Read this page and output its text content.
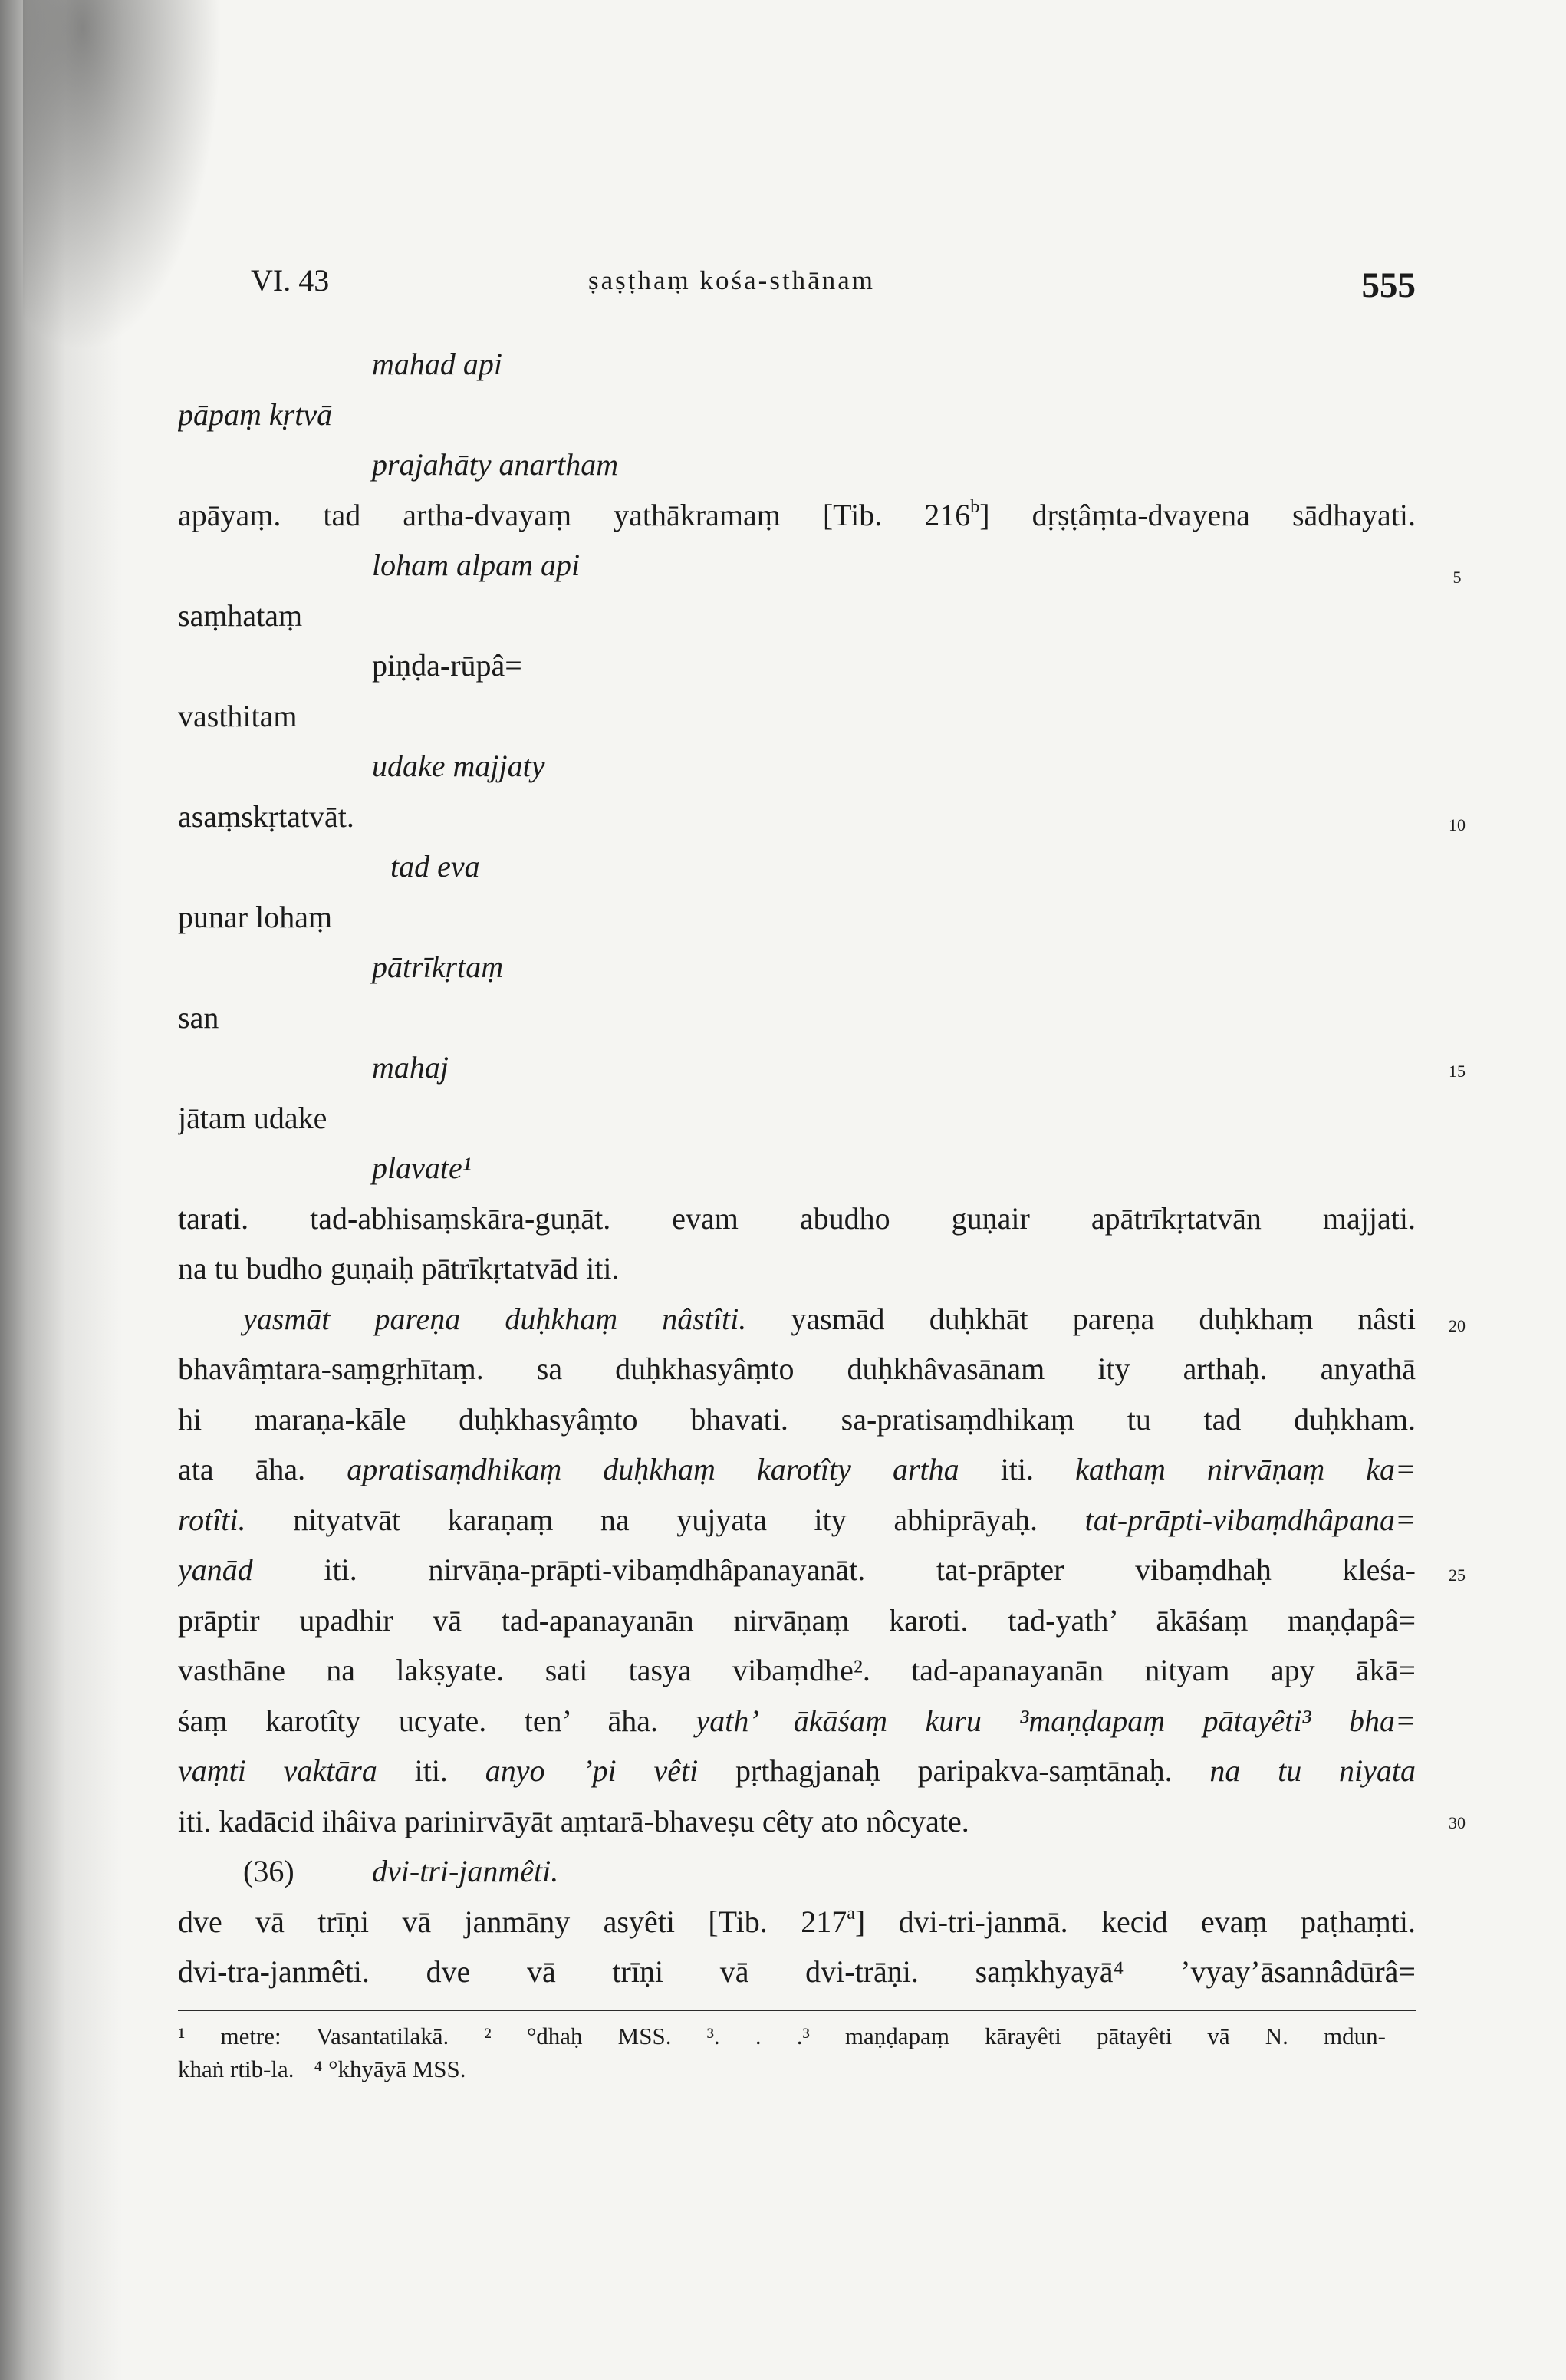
VI. 43	ṣaṣṭhaṃ kośa-sthānam	555
mahad api
pāpaṃ kṛtvā
prajahāty anartham
apāyaṃ. tad artha-dvayaṃ yathākramaṃ [Tib. 216$^b$] dṛṣṭâṃta-dvayena sādhayati.
loham alpam api
saṃhataṃ
piṇḍa-rūpâ=
vasthitam
udake majjaty
asaṃskṛtatvāt.
tad eva
punar lohaṃ
pātrīkṛtaṃ
san
mahaj
jātam udake
plavate¹
tarati. tad-abhisaṃskāra-guṇāt. evam abudho guṇair apātrīkṛtatvān majjati.
na tu budho guṇaiḥ pātrīkṛtatvād iti.
yasmāt pareṇa duḥkhaṃ nâstîti. yasmād duḥkhāt pareṇa duḥkhaṃ nâsti
bhavâṃtara-saṃgṛhītaṃ. sa duḥkhasyâṃto duḥkhâvasānam ity arthaḥ. anyathā
hi maraṇa-kāle duḥkhasyâṃto bhavati. sa-pratisaṃdhikaṃ tu tad duḥkham.
ata āha. apratisaṃdhikaṃ duḥkhaṃ karotîty artha iti. kathaṃ nirvāṇaṃ ka=
rotîti. nityatvāt karaṇaṃ na yujyata ity abhiprāyaḥ. tat-prāpti-vibaṃdhâpana=
yanād iti. nirvāṇa-prāpti-vibaṃdhâpanayanāt. tat-prāpter vibaṃdhaḥ kleśa-
prāptir upadhir vā tad-apanayanān nirvāṇaṃ karoti. tad-yath’ ākāśaṃ maṇḍapâ=
vasthāne na lakṣyate. sati tasya vibaṃdhe². tad-apanayanān nityam apy ākā=
śaṃ karotîty ucyate. ten’ āha. yath’ ākāśaṃ kuru ³maṇḍapaṃ pātayêti³ bha=
vaṃti vaktāra iti. anyo ’pi vêti pṛthagjanaḥ paripakva-saṃtānaḥ. na tu niyata
iti. kadācid ihâiva parinirvāyāt aṃtarā-bhaveṣu cêty ato nôcyate.
(36)	dvi-tri-janmêti.
dve vā trīṇi vā janmāny asyêti [Tib. 217$^a$] dvi-tri-janmā. kecid evaṃ paṭhaṃti.
dvi-tra-janmêti. dve vā trīṇi vā dvi-trāṇi. saṃkhyayā⁴ ’vyay’āsannâdūrâ=
5
10
15
20
25
30
¹ metre: Vasantatilakā. ² °dhaḥ MSS. ³. . .³ maṇḍapaṃ kārayêti pātayêti vā N. mdun-
khaṅ rtib-la. ⁴ °khyāyā MSS.
